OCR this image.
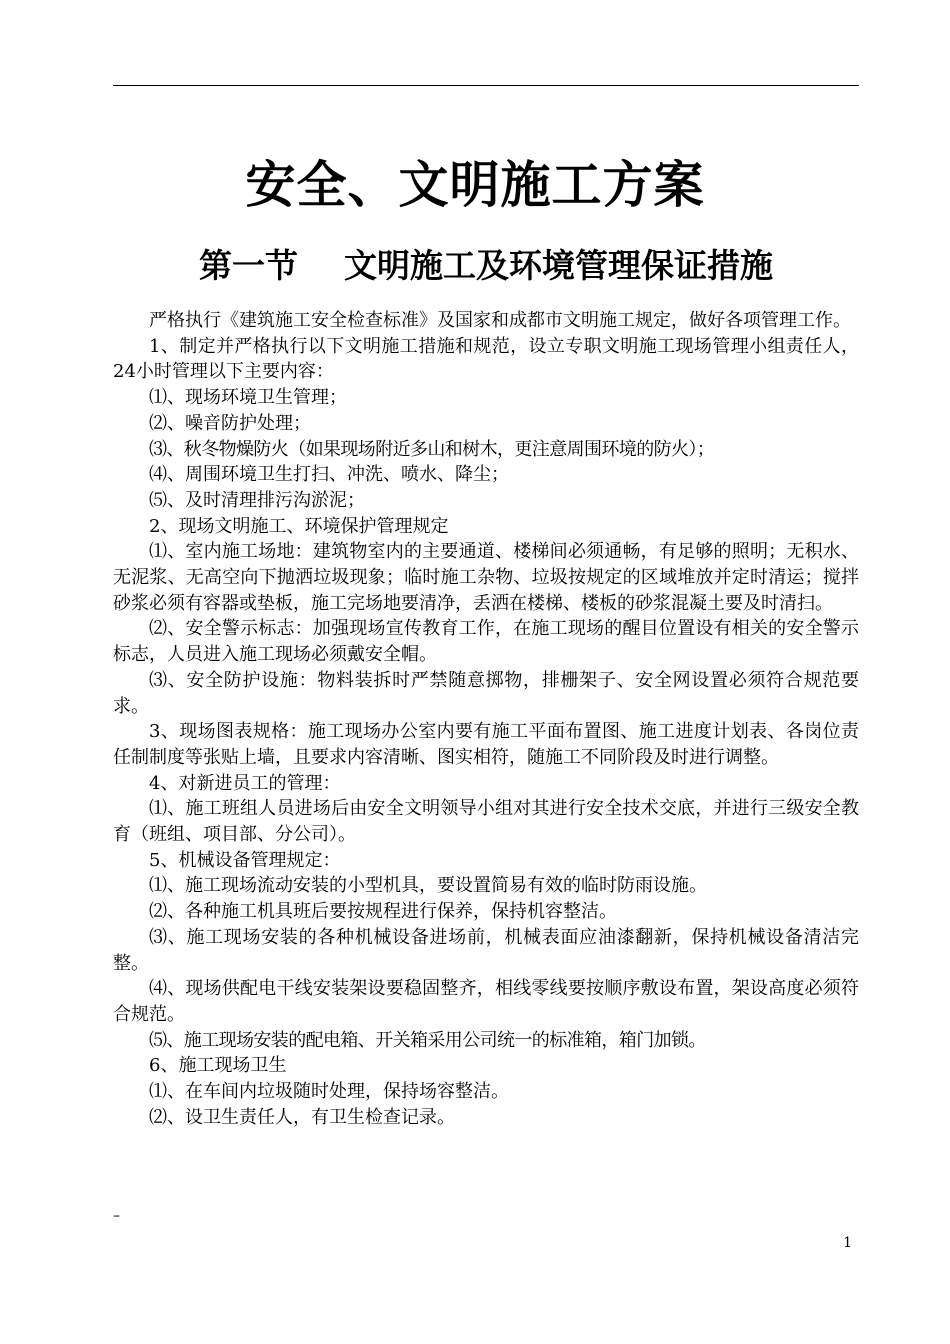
安全、文明施工方案
第一节    文明施工及环境管理保证措施

严格执行《建筑施工安全检查标准》及国家和成都市文明施工规定，做好各项管理工作。

1、制定并严格执行以下文明施工措施和规范，设立专职文明施工现场管理小组责任人，24小时管理以下主要内容：

⑴、现场环境卫生管理；

⑵、噪音防护处理；

⑶、秋冬物燥防火（如果现场附近多山和树木，更注意周围环境的防火）；

⑷、周围环境卫生打扫、冲洗、喷水、降尘；

⑸、及时清理排污沟淤泥；

2、现场文明施工、环境保护管理规定

⑴、室内施工场地：建筑物室内的主要通道、楼梯间必须通畅，有足够的照明；无积水、无泥浆、无高空向下抛洒垃圾现象；临时施工杂物、垃圾按规定的区域堆放并定时清运；搅拌砂浆必须有容器或垫板，施工完场地要清净，丢洒在楼梯、楼板的砂浆混凝土要及时清扫。

⑵、安全警示标志：加强现场宣传教育工作，在施工现场的醒目位置设有相关的安全警示标志，人员进入施工现场必须戴安全帽。

⑶、安全防护设施：物料装拆时严禁随意掷物，排栅架子、安全网设置必须符合规范要求。

3、现场图表规格：施工现场办公室内要有施工平面布置图、施工进度计划表、各岗位责任制制度等张贴上墙，且要求内容清晰、图实相符，随施工不同阶段及时进行调整。

4、对新进员工的管理：

⑴、施工班组人员进场后由安全文明领导小组对其进行安全技术交底，并进行三级安全教育（班组、项目部、分公司）。

5、机械设备管理规定：

⑴、施工现场流动安装的小型机具，要设置简易有效的临时防雨设施。

⑵、各种施工机具班后要按规程进行保养，保持机容整洁。

⑶、施工现场安装的各种机械设备进场前，机械表面应油漆翻新，保持机械设备清洁完整。

⑷、现场供配电干线安装架设要稳固整齐，相线零线要按顺序敷设布置，架设高度必须符合规范。

⑸、施工现场安装的配电箱、开关箱采用公司统一的标准箱，箱门加锁。

6、施工现场卫生

⑴、在车间内垃圾随时处理，保持场容整洁。

⑵、设卫生责任人，有卫生检查记录。

–
1
